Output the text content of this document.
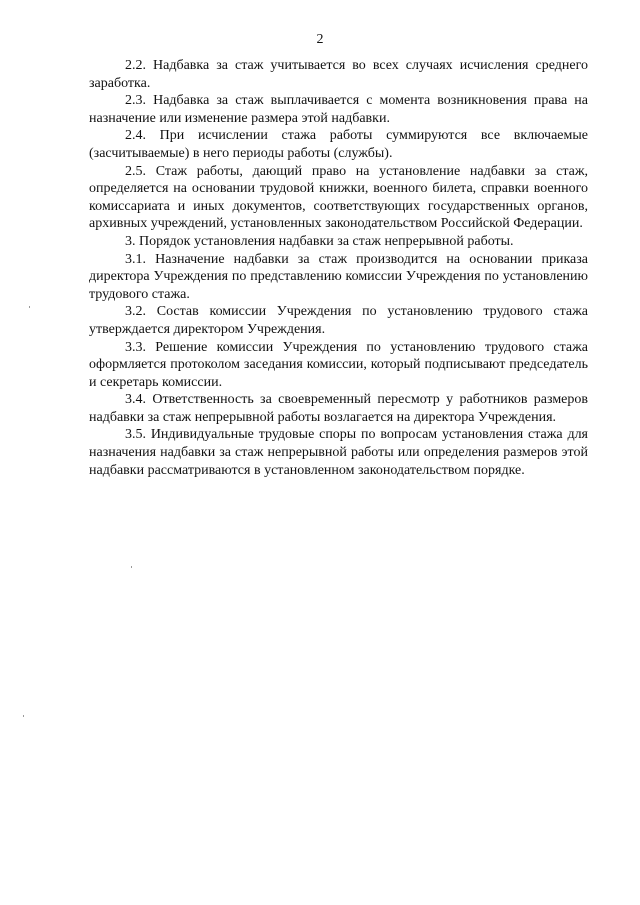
2

2.2. Надбавка за стаж учитывается во всех случаях исчисления среднего заработка.

2.3. Надбавка за стаж выплачивается с момента возникновения права на назначение или изменение размера этой надбавки.

2.4. При исчислении стажа работы суммируются все включаемые (засчитываемые) в него периоды работы (службы).

2.5. Стаж работы, дающий право на установление надбавки за стаж, определяется на основании трудовой книжки, военного билета, справки военного комиссариата и иных документов, соответствующих государственных органов, архивных учреждений, установленных законодательством Российской Федерации.

3. Порядок установления надбавки за стаж непрерывной работы.

3.1. Назначение надбавки за стаж производится на основании приказа директора Учреждения по представлению комиссии Учреждения по установлению трудового стажа.

3.2. Состав комиссии Учреждения по установлению трудового стажа утверждается директором Учреждения.

3.3. Решение комиссии Учреждения по установлению трудового стажа оформляется протоколом заседания комиссии, который подписывают председатель и секретарь комиссии.

3.4. Ответственность за своевременный пересмотр у работников размеров надбавки за стаж непрерывной работы возлагается на директора Учреждения.

3.5. Индивидуальные трудовые споры по вопросам установления стажа для назначения надбавки за стаж непрерывной работы или определения размеров этой надбавки рассматриваются в установленном законодательством порядке.
